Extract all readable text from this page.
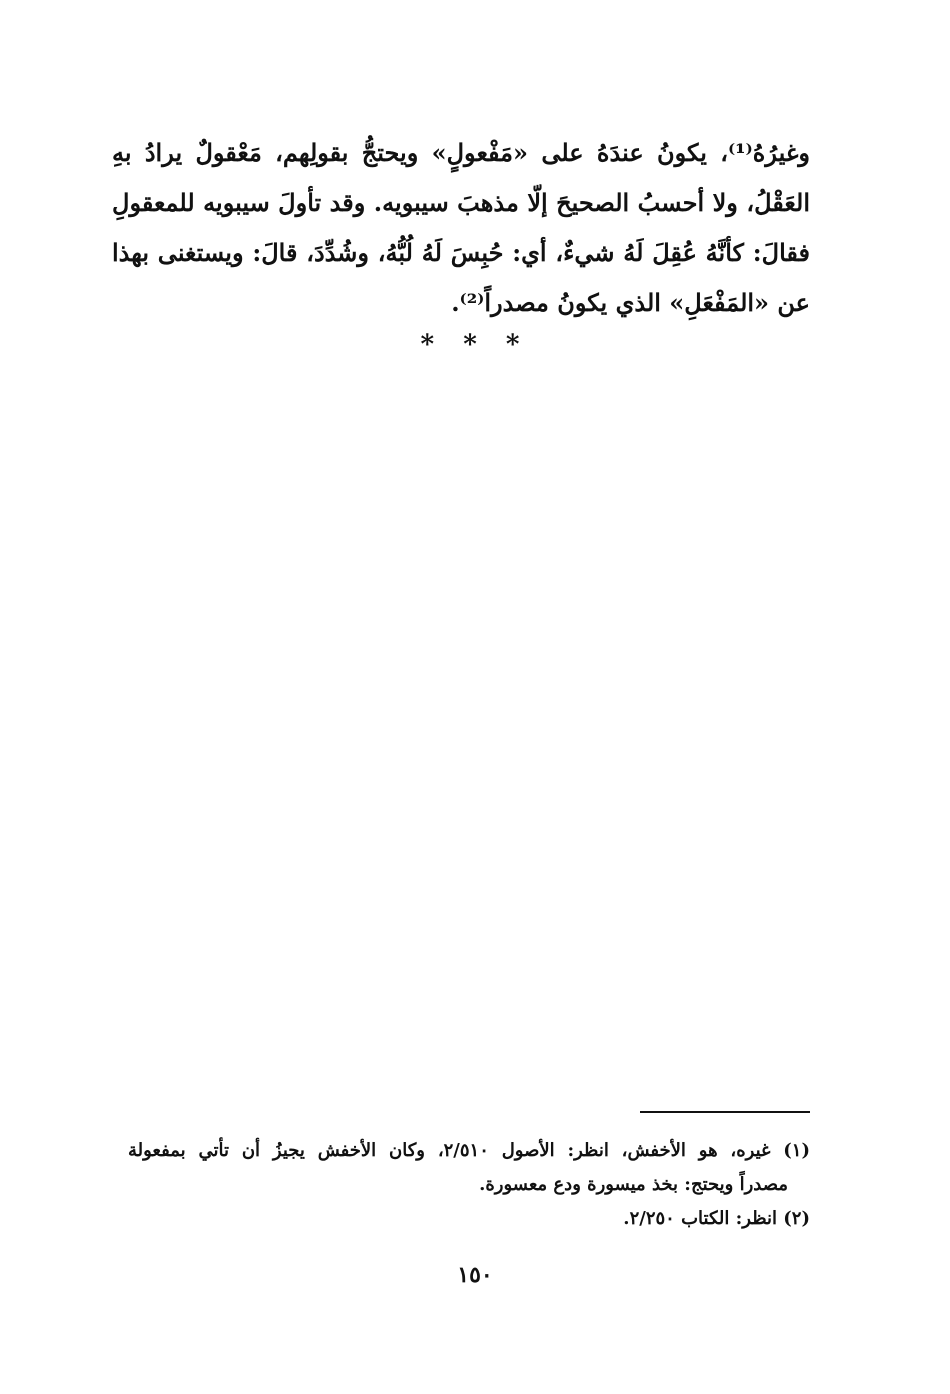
وغيرُهُ⁽¹⁾، يكونُ عندَهُ على «مَفْعولٍ» ويحتجُّ بقولِهم، مَعْقولٌ يرادُ بهِ
العَقْلُ، ولا أحسبُ الصحيحَ إلّا مذهبَ سيبويه. وقد تأولَ سيبويه للمعقولِ
فقالَ: كأنَّهُ عُقِلَ لَهُ شيءٌ، أي: حُبِسَ لَهُ لُبُّهُ، وشُدِّدَ، قالَ: ويستغنى بهذا
عن «المَفْعَلِ» الذي يكونُ مصدراً⁽²⁾.
* * *
(١) غيره، هو الأخفش، انظر: الأصول ٢/٥١٠، وكان الأخفش يجيزُ أن تأتي بمفعولة
مصدراً ويحتج: بخذ ميسورة ودع معسورة.
(٢) انظر: الكتاب ٢/٢٥٠.
١٥٠
